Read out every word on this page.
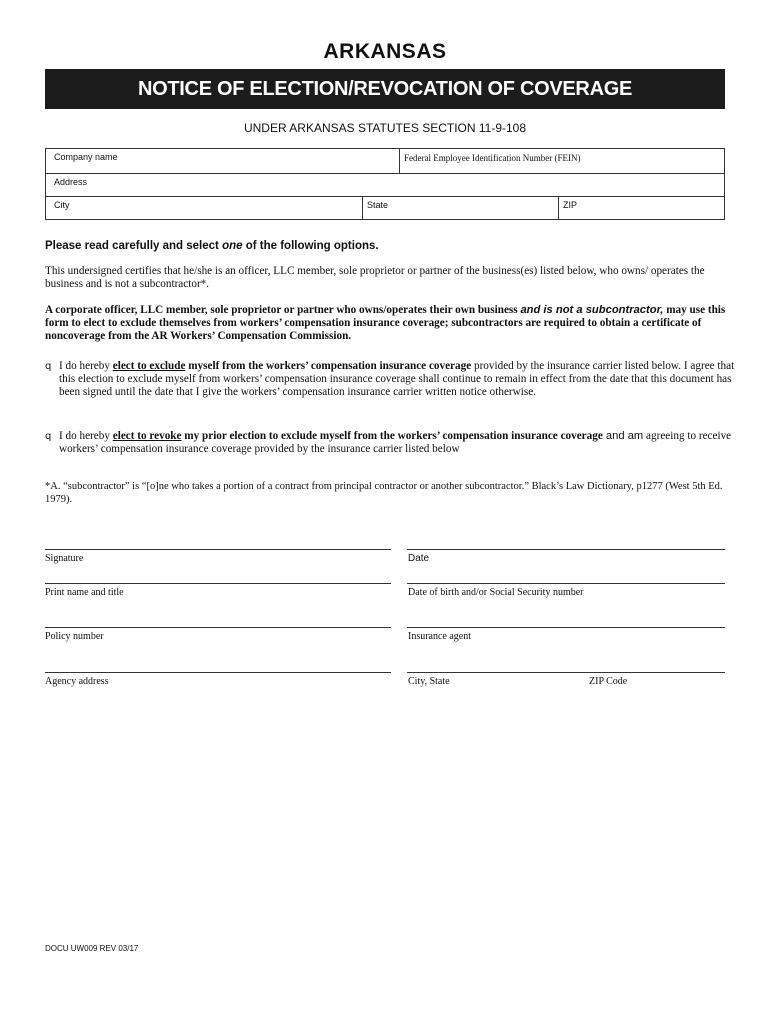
ARKANSAS
NOTICE OF ELECTION/REVOCATION OF COVERAGE
UNDER ARKANSAS STATUTES SECTION 11-9-108
Company name	Federal Employee Identification Number (FEIN)
Address
City	State	ZIP
Please read carefully and select one of the following options.
This undersigned certifies that he/she is an officer, LLC member, sole proprietor or partner of the business(es) listed below, who owns/ operates the business and is not a subcontractor*.
A corporate officer, LLC member, sole proprietor or partner who owns/operates their own business and is not a subcontractor, may use this form to elect to exclude themselves from workers’ compensation insurance coverage; subcontractors are required to obtain a certificate of noncoverage from the AR Workers’ Compensation Commission.
q I do hereby elect to exclude myself from the workers’ compensation insurance coverage provided by the insurance carrier listed below. I agree that this election to exclude myself from workers’ compensation insurance coverage shall continue to remain in effect from the date that this document has been signed until the date that I give the workers’ compensation insurance carrier written notice otherwise.
q I do hereby elect to revoke my prior election to exclude myself from the workers’ compensation insurance coverage and am agreeing to receive workers’ compensation insurance coverage provided by the insurance carrier listed below
*A. “subcontractor” is “[o]ne who takes a portion of a contract from principal contractor or another subcontractor.” Black’s Law Dictionary, p1277 (West 5th Ed. 1979).
Signature	Date
Print name and title	Date of birth and/or Social Security number
Policy number	Insurance agent
Agency address	City, State	ZIP Code
DOCU UW009 REV 03/17
